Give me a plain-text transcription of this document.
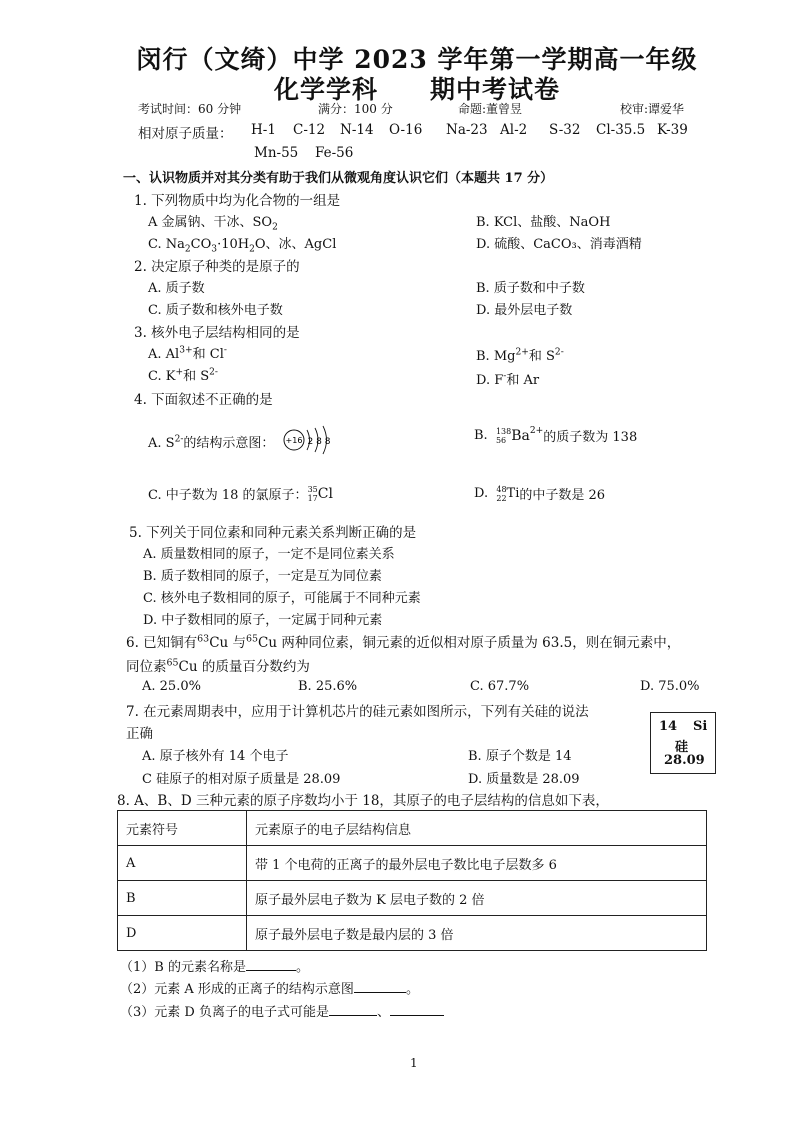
闵行（文绮）中学 2023 学年第一学期高一年级
化学学科　　期中考试卷
考试时间：60 分钟	满分：100 分	命题:董曾昱	校审:谭爱华
相对原子质量： H-1 C-12 N-14 O-16 Na-23 Al-2 S-32 Cl-35.5 K-39
Mn-55 Fe-56
一、认识物质并对其分类有助于我们从微观角度认识它们（本题共 17 分）
1. 下列物质中均为化合物的一组是
A 金属钠、干冰、$SO_2$	B. KCl、盐酸、NaOH
C. $Na_2CO_3\cdot 10H_2O$、冰、AgCl	D. 硫酸、CaCO₃、消毒酒精
2. 决定原子种类的是原子的
A. 质子数	B. 质子数和中子数
C. 质子数和核外电子数	D. 最外层电子数
3. 核外电子层结构相同的是
A. $Al^{3+}$和 Cl-	B. $Mg^{2+}$和 $S^{2-}$
C. K+和 $S^{2-}$
D. F-和 Ar
4. 下面叙述不正确的是
A. $S^{2-}$的结构示意图： +16 2 8 8	B.
138
56 $Ba^{2+}$ 的质子数为 138
C. 中子数为 18 的氯原子： 35
17 Cl	D.
48
22 Ti 的中子数是 26
5. 下列关于同位素和同种元素关系判断正确的是
A. 质量数相同的原子，一定不是同位素关系
B. 质子数相同的原子，一定是互为同位素
C. 核外电子数相同的原子，可能属于不同种元素
D. 中子数相同的原子，一定属于同种元素
6. 已知铜有$^{63}$Cu 与$^{65}$Cu 两种同位素，铜元素的近似相对原子质量为 63.5，则在铜元素中，
同位素$^{65}$Cu 的质量百分数约为
A. 25.0%	B. 25.6%	C. 67.7%	D. 75.0%
7. 在元素周期表中，应用于计算机芯片的硅元素如图所示，下列有关硅的说法
正确
A. 原子核外有 14 个电子	B. 原子个数是 14
C 硅原子的相对原子质量是 28.09	D. 质量数是 28.09
14 Si
硅
28.09
8. A、B、D 三种元素的原子序数均小于 18，其原子的电子层结构的信息如下表，
元素符号	元素原子的电子层结构信息
A	带 1 个电荷的正离子的最外层电子数比电子层数多 6
B	原子最外层电子数为 K 层电子数的 2 倍
D	原子最外层电子数是最内层的 3 倍
（1）B 的元素名称是	。
（2）元素 A 形成的正离子的结构示意图	。
（3）元素 D 负离子的电子式可能是	、
1
